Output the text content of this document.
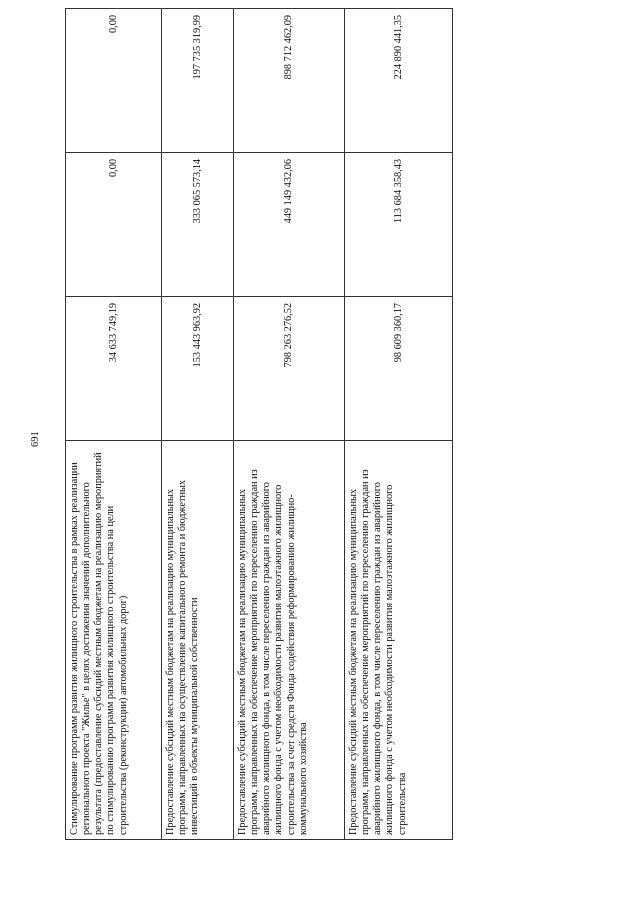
691
Стимулирование программ развития жилищного строительства в рамках реализации регионального проекта "Жилье" в целях достижения значений дополнительного результата (предоставление субсидий местным бюджетам на реализацию мероприятий по стимулированию программ развития жилищного строительства на цели строительства (реконструкции) автомобильных дорог)	34 633 749,19	0,00	0,00
Предоставление субсидий местным бюджетам на реализацию муниципальных программ, направленных на осуществление капитального ремонта и бюджетных инвестиций в объекты муниципальной собственности	153 443 963,92	333 065 573,14	197 735 319,99
Предоставление субсидий местным бюджетам на реализацию муниципальных программ, направленных на обеспечение мероприятий по переселению граждан из аварийного жилищного фонда, в том числе переселению граждан из аварийного жилищного фонда с учетом необходимости развития малоэтажного жилищного строительства за счет средств Фонда содействия реформированию жилищно-коммунального хозяйства	798 263 276,52	449 149 432,06	898 712 462,09
Предоставление субсидий местным бюджетам на реализацию муниципальных программ, направленных на обеспечение мероприятий по переселению граждан из аварийного жилищного фонда, в том числе переселению граждан из аварийного жилищного фонда с учетом необходимости развития малоэтажного жилищного строительства	98 609 360,17	113 684 358,43	224 890 441,35
